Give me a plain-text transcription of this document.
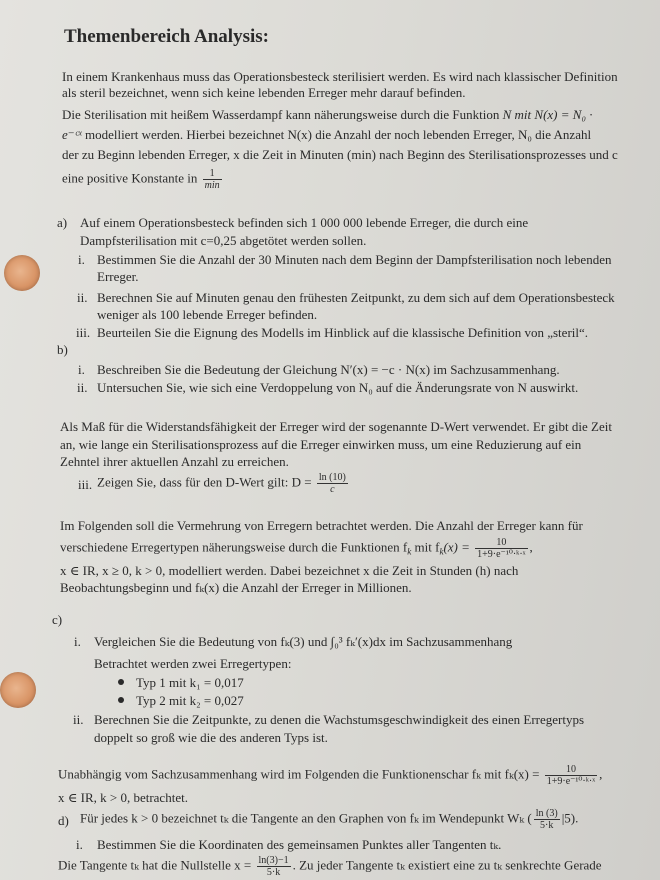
Themenbereich Analysis:
In einem Krankenhaus muss das Operationsbesteck sterilisiert werden. Es wird nach klassischer Definition
als steril bezeichnet, wenn sich keine lebenden Erreger mehr darauf befinden.
Die Sterilisation mit heißem Wasserdampf kann näherungsweise durch die Funktion N mit N(x) = N₀ ·
e⁻ᶜˣ modelliert werden. Hierbei bezeichnet N(x) die Anzahl der noch lebenden Erreger, N₀ die Anzahl
der zu Beginn lebenden Erreger, x die Zeit in Minuten (min) nach Beginn des Sterilisationsprozesses und c
eine positive Konstante in $\frac{1}{\min}$
a) Auf einem Operationsbesteck befinden sich 1 000 000 lebende Erreger, die durch eine
Dampfsterilisation mit c=0,25 abgetötet werden sollen.
i. Bestimmen Sie die Anzahl der 30 Minuten nach dem Beginn der Dampfsterilisation noch lebenden
Erreger.
ii. Berechnen Sie auf Minuten genau den frühesten Zeitpunkt, zu dem sich auf dem Operationsbesteck
weniger als 100 lebende Erreger befinden.
iii. Beurteilen Sie die Eignung des Modells im Hinblick auf die klassische Definition von „steril“.
b)
i. Beschreiben Sie die Bedeutung der Gleichung N′(x) = −c · N(x) im Sachzusammenhang.
ii. Untersuchen Sie, wie sich eine Verdoppelung von N₀ auf die Änderungsrate von N auswirkt.
Als Maß für die Widerstandsfähigkeit der Erreger wird der sogenannte D-Wert verwendet. Er gibt die Zeit
an, wie lange ein Sterilisationsprozess auf die Erreger einwirken muss, um eine Reduzierung auf ein
Zehntel ihrer aktuellen Anzahl zu erreichen.
iii. Zeigen Sie, dass für den D-Wert gilt: $D = \frac{\ln (10)}{c}$
Im Folgenden soll die Vermehrung von Erregern betrachtet werden. Die Anzahl der Erreger kann für
verschiedene Erregertypen näherungsweise durch die Funktionen $f_k$ mit $f_k(x) = \frac{10}{\text{1+9·e⁻¹⁰·ᵏ·ˣ}}$ ,
x ∈ IR, x ≥ 0, k > 0, modelliert werden. Dabei bezeichnet x die Zeit in Stunden (h) nach
Beobachtungsbeginn und fₖ(x) die Anzahl der Erreger in Millionen.
c)
i. Vergleichen Sie die Bedeutung von fₖ(3) und ∫₀³ fₖ′(x)dx im Sachzusammenhang
Betrachtet werden zwei Erregertypen:
Typ 1 mit k₁ = 0,017
Typ 2 mit k₂ = 0,027
ii. Berechnen Sie die Zeitpunkte, zu denen die Wachstumsgeschwindigkeit des einen Erregertyps
doppelt so groß wie die des anderen Typs ist.
Unabhängig vom Sachzusammenhang wird im Folgenden die Funktionenschar fₖ mit $f_k(x) = \frac{10}{\text{1+9·e⁻¹⁰·ᵏ·ˣ}}$ ,
x ∈ IR, k > 0, betrachtet.
d) Für jedes k > 0 bezeichnet tₖ die Tangente an den Graphen von fₖ im Wendepunkt Wₖ ( $\frac{\ln (3)}{5\cdot k} |5$).
i. Bestimmen Sie die Koordinaten des gemeinsamen Punktes aller Tangenten tₖ.
Die Tangente tₖ hat die Nullstelle $x = \frac{\ln(3)-1}{5\cdot k}$ . Zu jeder Tangente tₖ existiert eine zu tₖ senkrechte Gerade
